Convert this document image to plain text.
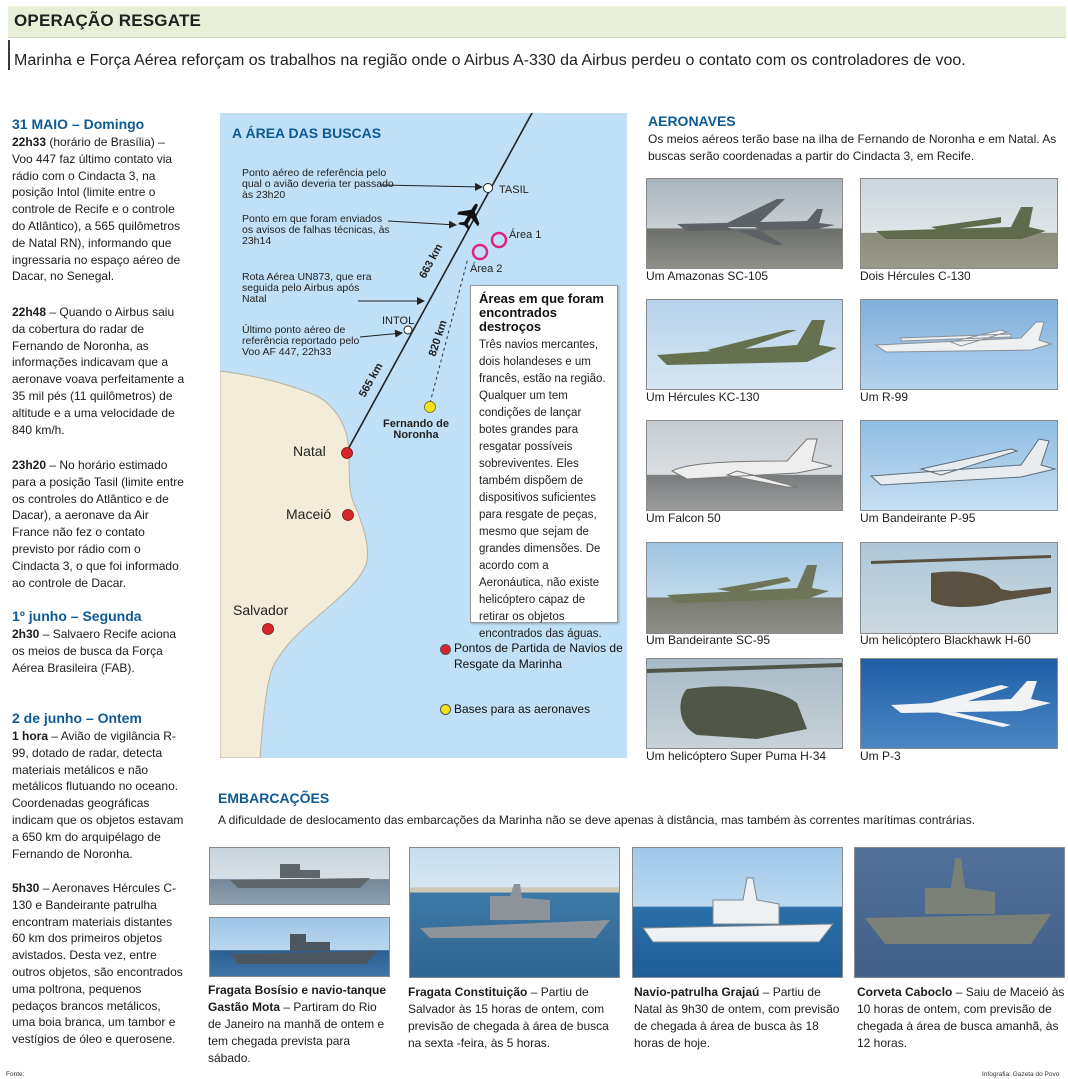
OPERAÇÃO RESGATE
Marinha e Força Aérea reforçam os trabalhos na região onde o Airbus A-330 da Airbus perdeu o contato com os controladores de voo.
31 MAIO – Domingo
22h33 (horário de Brasília) – Voo 447 faz último contato via rádio com o Cindacta 3, na posição Intol (limite entre o controle de Recife e o controle do Atlântico), a 565 quilômetros de Natal RN), informando que ingressaria no espaço aéreo de Dacar, no Senegal.
22h48 – Quando o Airbus saiu da cobertura do radar de Fernando de Noronha, as informações indicavam que a aeronave voava perfeitamente a 35 mil pés (11 quilômetros) de altitude e a uma velocidade de 840 km/h.
23h20 – No horário estimado para a posição Tasil (limite entre os controles do Atlântico e de Dacar), a aeronave da Air France não fez o contato previsto por rádio com o Cindacta 3, o que foi informado ao controle de Dacar.
1º junho – Segunda
2h30 – Salvaero Recife aciona os meios de busca da Força Aérea Brasileira (FAB).
2 de junho – Ontem
1 hora – Avião de vigilância R-99, dotado de radar, detecta materiais metálicos e não metálicos flutuando no oceano. Coordenadas geográficas indicam que os objetos estavam a 650 km do arquipélago de Fernando de Noronha.
5h30 – Aeronaves Hércules C-130 e Bandeirante patrulha encontram materiais distantes 60 km dos primeiros objetos avistados. Desta vez, entre outros objetos, são encontrados uma poltrona, pequenos pedaços brancos metálicos, uma boia branca, um tambor e vestígios de óleo e querosene.
A ÁREA DAS BUSCAS
Ponto aéreo de referência pelo qual o avião deveria ter passado às 23h20
Ponto em que foram enviados os avisos de falhas técnicas, às 23h14
Rota Aérea UN873, que era seguida pelo Airbus após Natal
Último ponto aéreo de referência reportado pelo Voo AF 447, 22h33
TASIL
INTOL
Área 1
Área 2
663 km
820 km
565 km
Fernando de Noronha
Natal
Maceió
Salvador
Áreas em que foram encontrados destroços
Três navios mercantes, dois holandeses e um francês, estão na região. Qualquer um tem condições de lançar botes grandes para resgatar possíveis sobreviventes. Eles também dispõem de dispositivos suficientes para resgate de peças, mesmo que sejam de grandes dimensões. De acordo com a Aeronáutica, não existe helicóptero capaz de retirar os objetos encontrados das águas.
Pontos de Partida de Navios de Resgate da Marinha
Bases para as aeronaves
AERONAVES
Os meios aéreos terão base na ilha de Fernando de Noronha e em Natal. As buscas serão coordenadas a partir do Cindacta 3, em Recife.
Um Amazonas SC-105	Dois Hércules C-130
Um Hércules KC-130	Um R-99
Um Falcon 50	Um Bandeirante P-95
Um Bandeirante SC-95	Um helicóptero Blackhawk H-60
Um helicóptero Super Puma H-34	Um P-3
EMBARCAÇÕES
A dificuldade de deslocamento das embarcações da Marinha não se deve apenas à distância, mas também às correntes marítimas contrárias.
Fragata Bosísio e navio-tanque Gastão Mota – Partiram do Rio de Janeiro na manhã de ontem e tem chegada prevista para sábado.
Fragata Constituição – Partiu de Salvador às 15 horas de ontem, com previsão de chegada à área de busca na sexta -feira, às 5 horas.
Navio-patrulha Grajaú – Partiu de Natal às 9h30 de ontem, com previsão de chegada à área de busca às 18 horas de hoje.
Corveta Caboclo – Saiu de Maceió às 10 horas de ontem, com previsão de chegada à área de busca amanhã, às 12 horas.
Fonte:	Infografia: Gazeta do Povo
